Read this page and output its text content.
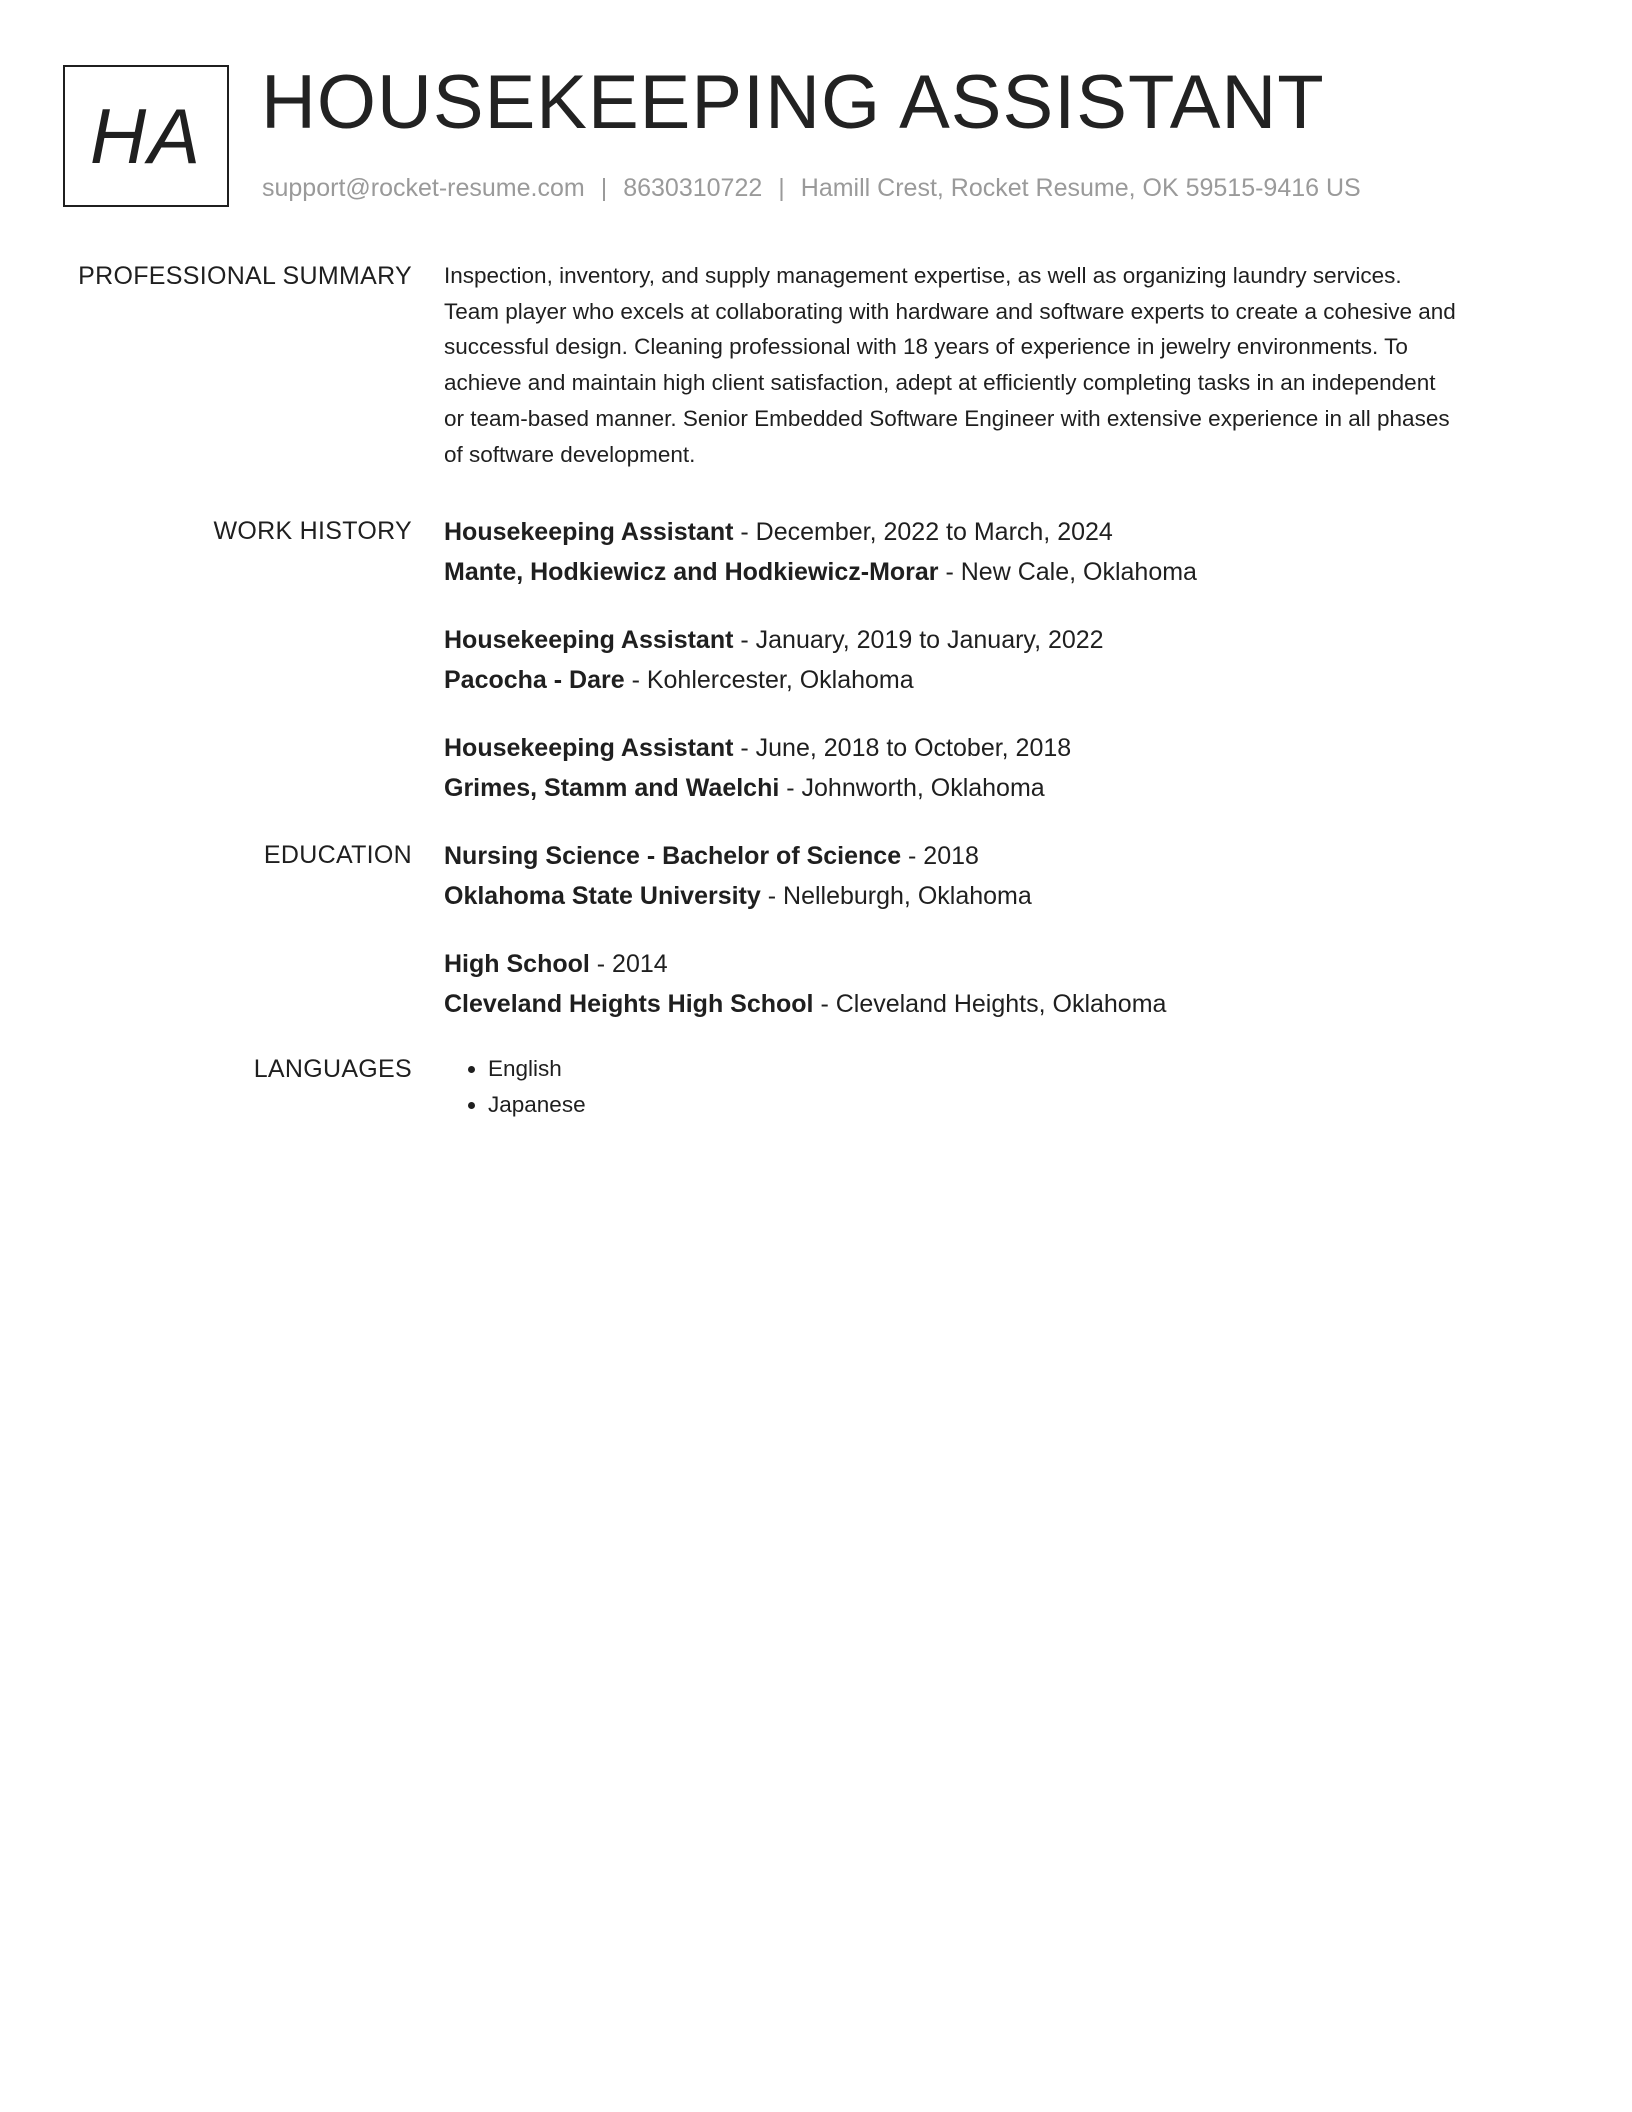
HA HOUSEKEEPING ASSISTANT
support@rocket-resume.com | 8630310722 | Hamill Crest, Rocket Resume, OK 59515-9416 US
PROFESSIONAL SUMMARY Inspection, inventory, and supply management expertise, as well as organizing laundry services.
Team player who excels at collaborating with hardware and software experts to create a cohesive and
successful design. Cleaning professional with 18 years of experience in jewelry environments. To
achieve and maintain high client satisfaction, adept at efficiently completing tasks in an independent
or team-based manner. Senior Embedded Software Engineer with extensive experience in all phases
of software development.

WORK HISTORY Housekeeping Assistant - December, 2022 to March, 2024
Mante, Hodkiewicz and Hodkiewicz-Morar - New Cale, Oklahoma
Housekeeping Assistant - January, 2019 to January, 2022
Pacocha - Dare - Kohlercester, Oklahoma
Housekeeping Assistant - June, 2018 to October, 2018
Grimes, Stamm and Waelchi - Johnworth, Oklahoma
EDUCATION Nursing Science - Bachelor of Science - 2018
Oklahoma State University - Nelleburgh, Oklahoma
High School - 2014
Cleveland Heights High School - Cleveland Heights, Oklahoma
LANGUAGES
•	English
• Japanese
